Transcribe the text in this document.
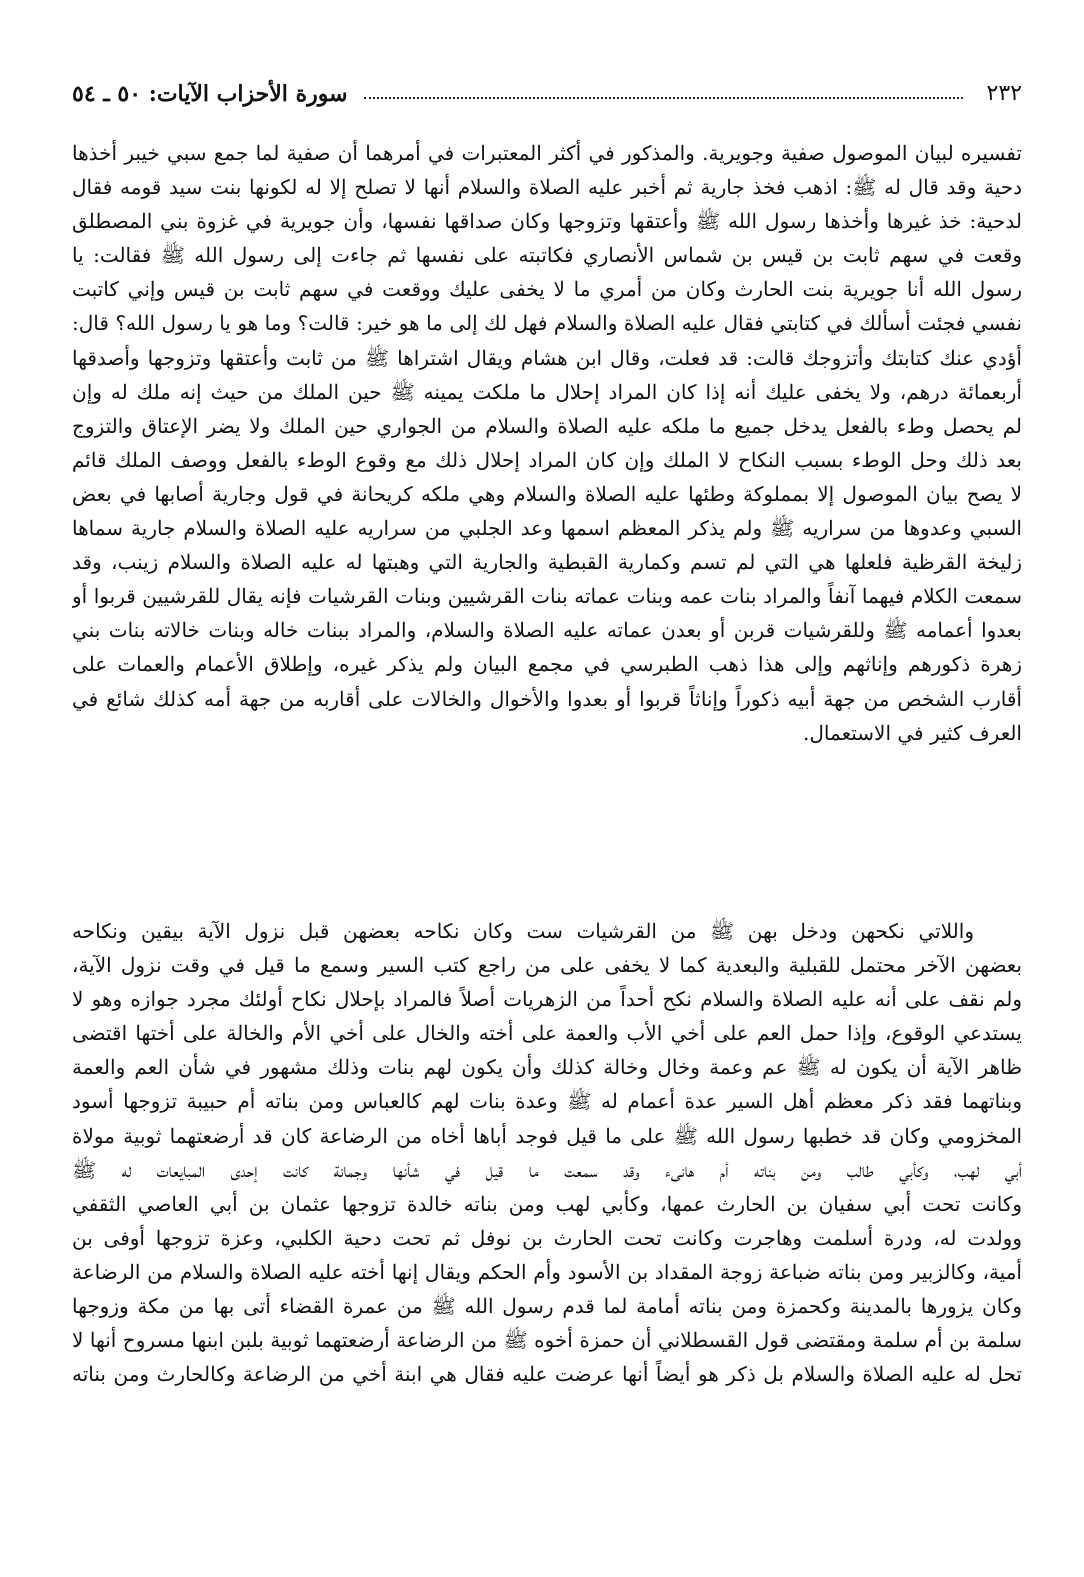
٢٣٢
سورة الأحزاب الآيات: ٥٠ ـ ٥٤
تفسيره لبيان الموصول صفية وجويرية. والمذكور في أكثر المعتبرات في أمرهما أن صفية لما جمع سبي خيبر أخذها
دحية وقد قال له ﷺ: اذهب فخذ جارية ثم أخبر عليه الصلاة والسلام أنها لا تصلح إلا له لكونها بنت سيد قومه فقال
لدحية: خذ غيرها وأخذها رسول الله ﷺ وأعتقها وتزوجها وكان صداقها نفسها، وأن جويرية في غزوة بني المصطلق
وقعت في سهم ثابت بن قيس بن شماس الأنصاري فكاتبته على نفسها ثم جاءت إلى رسول الله ﷺ فقالت: يا
رسول الله أنا جويرية بنت الحارث وكان من أمري ما لا يخفى عليك ووقعت في سهم ثابت بن قيس وإني كاتبت
نفسي فجئت أسألك في كتابتي فقال عليه الصلاة والسلام فهل لك إلى ما هو خير: قالت؟ وما هو يا رسول الله؟ قال:
أؤدي عنك كتابتك وأتزوجك قالت: قد فعلت، وقال ابن هشام ويقال اشتراها ﷺ من ثابت وأعتقها وتزوجها وأصدقها
أربعمائة درهم، ولا يخفى عليك أنه إذا كان المراد إحلال ما ملكت يمينه ﷺ حين الملك من حيث إنه ملك له وإن
لم يحصل وطء بالفعل يدخل جميع ما ملكه عليه الصلاة والسلام من الجواري حين الملك ولا يضر الإعتاق والتزوج
بعد ذلك وحل الوطء بسبب النكاح لا الملك وإن كان المراد إحلال ذلك مع وقوع الوطء بالفعل ووصف الملك قائم
لا يصح بيان الموصول إلا بمملوكة وطئها عليه الصلاة والسلام وهي ملكه كريحانة في قول وجارية أصابها في بعض
السبي وعدوها من سراريه ﷺ ولم يذكر المعظم اسمها وعد الجلبي من سراريه عليه الصلاة والسلام جارية سماها
زليخة القرظية فلعلها هي التي لم تسم وكمارية القبطية والجارية التي وهبتها له عليه الصلاة والسلام زينب، وقد
سمعت الكلام فيهما آنفاً والمراد بنات عمه وبنات عماته بنات القرشيين وبنات القرشيات فإنه يقال للقرشيين قربوا أو
بعدوا أعمامه ﷺ وللقرشيات قربن أو بعدن عماته عليه الصلاة والسلام، والمراد ببنات خاله وبنات خالاته بنات بني
زهرة ذكورهم وإناثهم وإلى هذا ذهب الطبرسي في مجمع البيان ولم يذكر غيره، وإطلاق الأعمام والعمات على
أقارب الشخص من جهة أبيه ذكوراً وإناثاً قربوا أو بعدوا والأخوال والخالات على أقاربه من جهة أمه كذلك شائع في
العرف كثير في الاستعمال.
واللاتي نكحهن ودخل بهن ﷺ من القرشيات ست وكان نكاحه بعضهن قبل نزول الآية بيقين ونكاحه
بعضهن الآخر محتمل للقبلية والبعدية كما لا يخفى على من راجع كتب السير وسمع ما قيل في وقت نزول الآية،
ولم نقف على أنه عليه الصلاة والسلام نكح أحداً من الزهريات أصلاً فالمراد بإحلال نكاح أولئك مجرد جوازه وهو لا
يستدعي الوقوع، وإذا حمل العم على أخي الأب والعمة على أخته والخال على أخي الأم والخالة على أختها اقتضى
ظاهر الآية أن يكون له ﷺ عم وعمة وخال وخالة كذلك وأن يكون لهم بنات وذلك مشهور في شأن العم والعمة
وبناتهما فقد ذكر معظم أهل السير عدة أعمام له ﷺ وعدة بنات لهم كالعباس ومن بناته أم حبيبة تزوجها أسود
المخزومي وكان قد خطبها رسول الله ﷺ على ما قيل فوجد أباها أخاه من الرضاعة كان قد أرضعتهما ثوبية مولاة
أبي لهب، وكأبي طالب ومن بناته أم هانىء وقد سمعت ما قيل في شأنها وجمانة كانت إحدى المبايعات له ﷺ
وكانت تحت أبي سفيان بن الحارث عمها، وكأبي لهب ومن بناته خالدة تزوجها عثمان بن أبي العاصي الثقفي
وولدت له، ودرة أسلمت وهاجرت وكانت تحت الحارث بن نوفل ثم تحت دحية الكلبي، وعزة تزوجها أوفى بن
أمية، وكالزبير ومن بناته ضباعة زوجة المقداد بن الأسود وأم الحكم ويقال إنها أخته عليه الصلاة والسلام من الرضاعة
وكان يزورها بالمدينة وكحمزة ومن بناته أمامة لما قدم رسول الله ﷺ من عمرة القضاء أتى بها من مكة وزوجها
سلمة بن أم سلمة ومقتضى قول القسطلاني أن حمزة أخوه ﷺ من الرضاعة أرضعتهما ثوبية بلبن ابنها مسروح أنها لا
تحل له عليه الصلاة والسلام بل ذكر هو أيضاً أنها عرضت عليه فقال هي ابنة أخي من الرضاعة وكالحارث ومن بناته
